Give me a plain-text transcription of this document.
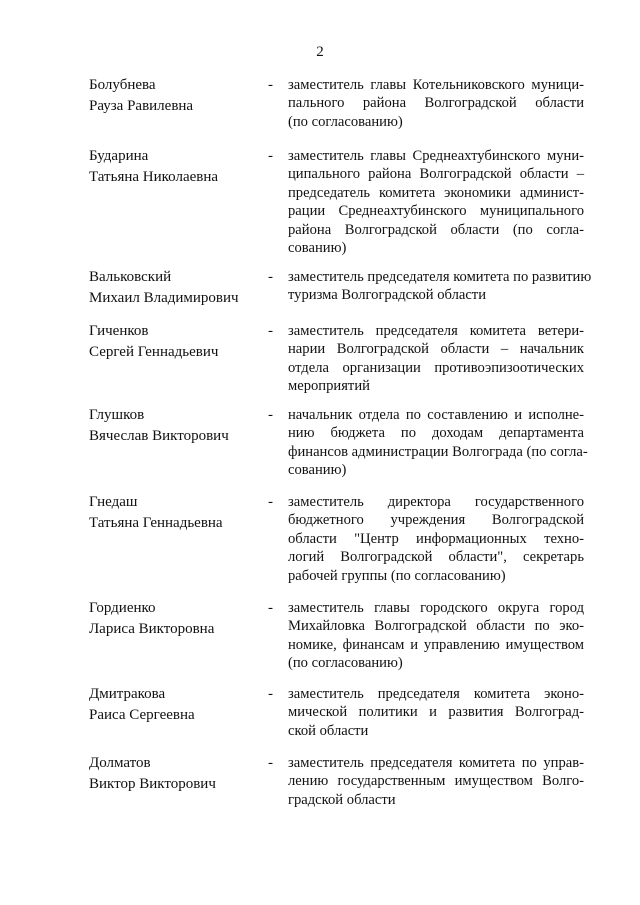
2
Болубнева
Рауза Равилевна
- заместитель главы Котельниковского муници-
пального района Волгоградской области
(по согласованию)
Бударина
Татьяна Николаевна
- заместитель главы Среднеахтубинского муни-
ципального района Волгоградской области –
председатель комитета экономики админист-
рации Среднеахтубинского муниципального
района Волгоградской области (по согла-
сованию)
Вальковский
Михаил Владимирович
- заместитель председателя комитета по развитию
туризма Волгоградской области
Гиченков
Сергей Геннадьевич
- заместитель председателя комитета ветери-
нарии Волгоградской области – начальник
отдела организации противоэпизоотических
мероприятий
Глушков
Вячеслав Викторович
- начальник отдела по составлению и исполне-
нию бюджета по доходам департамента
финансов администрации Волгограда (по согла-
сованию)
Гнедаш
Татьяна Геннадьевна
- заместитель директора государственного
бюджетного учреждения Волгоградской
области "Центр информационных техно-
логий Волгоградской области", секретарь
рабочей группы (по согласованию)
Гордиенко
Лариса Викторовна
- заместитель главы городского округа город
Михайловка Волгоградской области по эко-
номике, финансам и управлению имуществом
(по согласованию)
Дмитракова
Раиса Сергеевна
- заместитель председателя комитета эконо-
мической политики и развития Волгоград-
ской области
Долматов
Виктор Викторович
- заместитель председателя комитета по управ-
лению государственным имуществом Волго-
градской области
